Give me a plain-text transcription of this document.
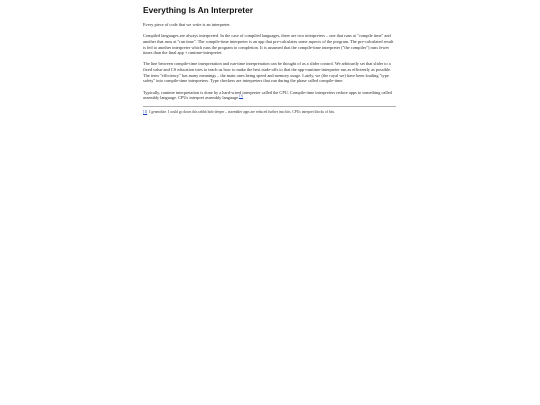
Everything Is An Interpreter

Every piece of code that we write is an interpreter.

Compiled languages are always interpreted. In the case of compiled languages, there are two interpreters – one that runs at "compile time" and another that runs at "run time". The compile-time interpreter is an app that pre-calculates some aspects of the program. The pre-calculated result is fed to another interpreter which runs the program to completion. It is assumed that the compile-time interpreter ("the compiler") runs fewer times than the final app + runtime-interpreter.

The line between compile-time interpretation and run-time interpretation can be thought of as a slider control. We arbitrarily set that slider to a fixed value and CS education tries to teach us how to make the best trade-offs to that the app+runtime-interpreter run as efficiently as possible. The term "efficiency" has many meanings – the main ones being speed and memory usage. Lately, we (the royal we) have been loading "type safety" into compile-time interpreters. Type checkers are interpreters that run during the phase called compile-time.

Typically, runtime interpretation is done by a hard-wired interpreter called the CPU. Compile-time interpreters reduce apps to something called assembly language. CPUs interpret assembly language.[1]

[1] I generalize. I could go down this rabbit hole deeper – assembler apps are reduced further into bits. CPUs interpret blocks of bits.
